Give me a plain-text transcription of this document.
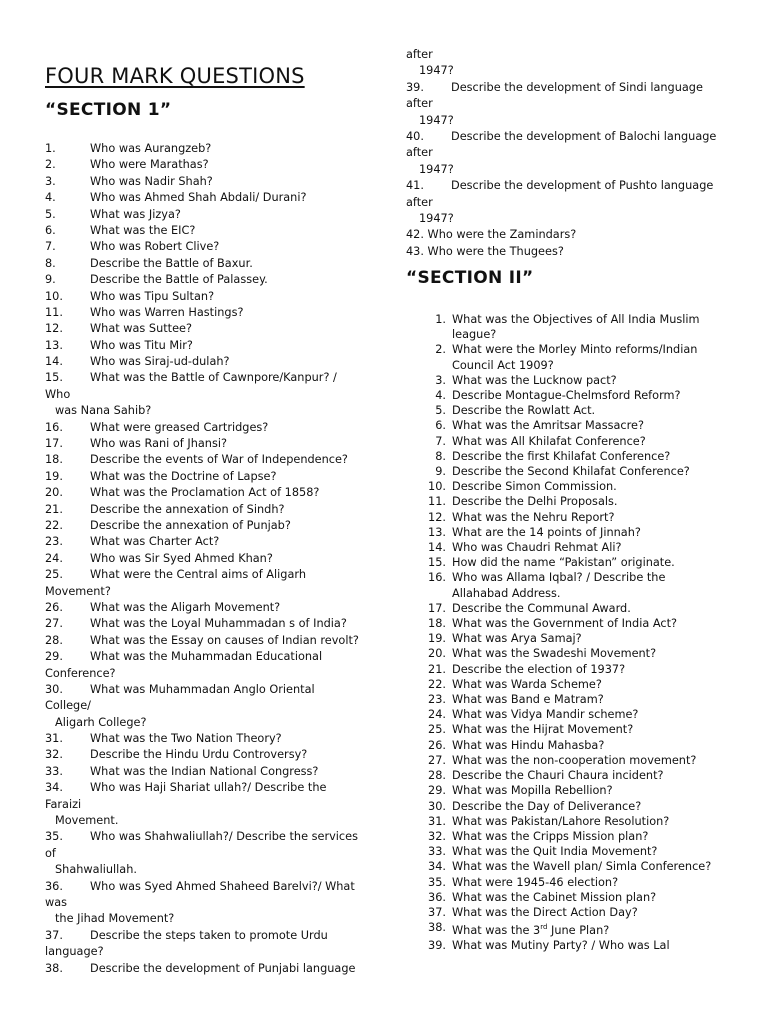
FOUR MARK QUESTIONS
“SECTION 1”
1.	Who was Aurangzeb?
2.	Who were Marathas?
3.	Who was Nadir Shah?
4.	Who was Ahmed Shah Abdali/ Durani?
5.	What was Jizya?
6.	What was the EIC?
7.	Who was Robert Clive?
8.	Describe the Battle of Baxur.
9.	Describe the Battle of Palassey.
10. Who was Tipu Sultan?
11. Who was Warren Hastings?
12. What was Suttee?
13. Who was Titu Mir?
14. Who was Siraj-ud-dulah?
15. What was the Battle of Cawnpore/Kanpur? /
Who
was Nana Sahib?
16. What were greased Cartridges?
17. Who was Rani of Jhansi?
18. Describe the events of War of Independence?
19. What was the Doctrine of Lapse?
20. What was the Proclamation Act of 1858?
21. Describe the annexation of Sindh?
22. Describe the annexation of Punjab?
23. What was Charter Act?
24. Who was Sir Syed Ahmed Khan?
25. What were the Central aims of Aligarh
Movement?
26. What was the Aligarh Movement?
27. What was the Loyal Muhammadan s of India?
28. What was the Essay on causes of Indian revolt?
29. What was the Muhammadan Educational
Conference?
30. What was Muhammadan Anglo Oriental
College/
Aligarh College?
31. What was the Two Nation Theory?
32. Describe the Hindu Urdu Controversy?
33. What was the Indian National Congress?
34. Who was Haji Shariat ullah?/ Describe the
Faraizi
Movement.
35. Who was Shahwaliullah?/ Describe the services
of
Shahwaliullah.
36. Who was Syed Ahmed Shaheed Barelvi?/ What
was
the Jihad Movement?
37. Describe the steps taken to promote Urdu
language?
38. Describe the development of Punjabi language
after
1947?
39. Describe the development of Sindi language
after
1947?
40. Describe the development of Balochi language
after
1947?
41. Describe the development of Pushto language
after
1947?
42. Who were the Zamindars?
43. Who were the Thugees?
“SECTION II”
1. What was the Objectives of All India Muslim
league?
2. What were the Morley Minto reforms/Indian
Council Act 1909?
3. What was the Lucknow pact?
4. Describe Montague-Chelmsford Reform?
5. Describe the Rowlatt Act.
6. What was the Amritsar Massacre?
7. What was All Khilafat Conference?
8. Describe the first Khilafat Conference?
9. Describe the Second Khilafat Conference?
10. Describe Simon Commission.
11. Describe the Delhi Proposals.
12. What was the Nehru Report?
13. What are the 14 points of Jinnah?
14. Who was Chaudri Rehmat Ali?
15. How did the name “Pakistan” originate.
16. Who was Allama Iqbal? / Describe the
Allahabad Address.
17. Describe the Communal Award.
18. What was the Government of India Act?
19. What was Arya Samaj?
20. What was the Swadeshi Movement?
21. Describe the election of 1937?
22. What was Warda Scheme?
23. What was Band e Matram?
24. What was Vidya Mandir scheme?
25. What was the Hijrat Movement?
26. What was Hindu Mahasba?
27. What was the non-cooperation movement?
28. Describe the Chauri Chaura incident?
29. What was Mopilla Rebellion?
30. Describe the Day of Deliverance?
31. What was Pakistan/Lahore Resolution?
32. What was the Cripps Mission plan?
33. What was the Quit India Movement?
34. What was the Wavell plan/ Simla Conference?
35. What were 1945-46 election?
36. What was the Cabinet Mission plan?
37. What was the Direct Action Day?
38. What was the 3rd June Plan?
39. What was Mutiny Party? / Who was Lal
